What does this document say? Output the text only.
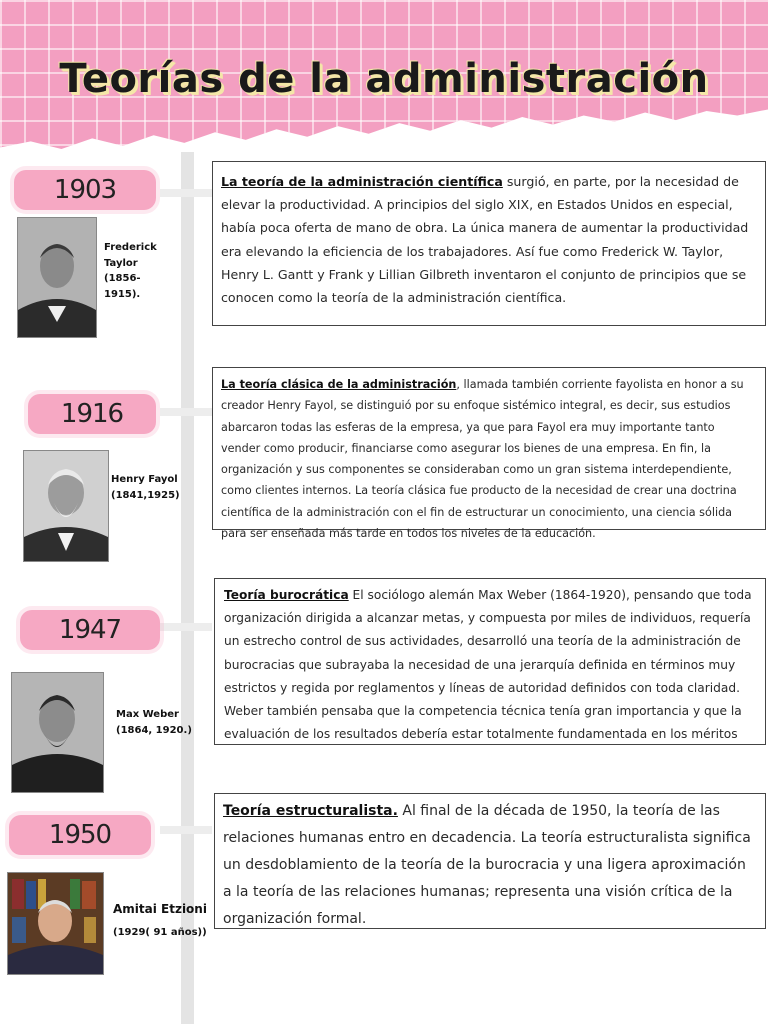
Teorías de la administración
1903
Frederick
Taylor (1856-
1915).
La teoría de la administración científica surgió, en parte, por la necesidad de elevar la productividad. A principios del siglo XIX, en Estados Unidos en especial, había poca oferta de mano de obra. La única manera de aumentar la productividad era elevando la eficiencia de los trabajadores. Así fue como Frederick W. Taylor, Henry L. Gantt y Frank y Lillian Gilbreth inventaron el conjunto de principios que se conocen como la teoría de la administración científica.
1916
Henry Fayol
(1841,1925)
La teoría clásica de la administración, llamada también corriente fayolista en honor a su creador Henry Fayol, se distinguió por su enfoque sistémico integral, es decir, sus estudios abarcaron todas las esferas de la empresa, ya que para Fayol era muy importante tanto vender como producir, financiarse como asegurar los bienes de una empresa. En fin, la organización y sus componentes se consideraban como un gran sistema interdependiente, como clientes internos. La teoría clásica fue producto de la necesidad de crear una doctrina científica de la administración con el fin de estructurar un conocimiento, una ciencia sólida para ser enseñada más tarde en todos los niveles de la educación.
1947
Max Weber
(1864, 1920.)
Teoría burocrática El sociólogo alemán Max Weber (1864-1920), pensando que toda organización dirigida a alcanzar metas, y compuesta por miles de individuos, requería un estrecho control de sus actividades, desarrolló una teoría de la administración de burocracias que subrayaba la necesidad de una jerarquía definida en términos muy estrictos y regida por reglamentos y líneas de autoridad definidos con toda claridad. Weber también pensaba que la competencia técnica tenía gran importancia y que la evaluación de los resultados debería estar totalmente fundamentada en los méritos
1950
Amitai Etzioni
(1929( 91 años))
Teoría estructuralista. Al final de la década de 1950, la teoría de las relaciones humanas entro en decadencia. La teoría estructuralista significa un desdoblamiento de la teoría de la burocracia y una ligera aproximación a la teoría de las relaciones humanas; representa una visión crítica de la organización formal.
